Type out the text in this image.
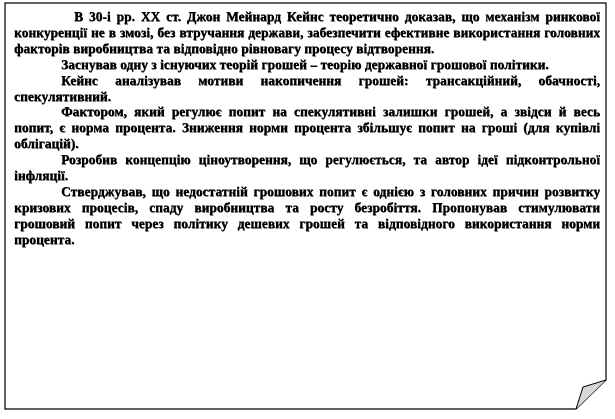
В 30-і рр. ХХ ст. Джон Мейнард Кейнс теоретично доказав, що механізм ринкової конкуренції не в змозі, без втручання держави, забезпечити ефективне використання головних факторів виробництва та відповідно рівновагу процесу відтворення.

Заснував одну з існуючих теорій грошей – теорію державної грошової політики.

Кейнс аналізував мотиви накопичення грошей: трансакційний, обачності, спекулятивний.

Фактором, який регулює попит на спекулятивні залишки грошей, а звідси й весь попит, є норма процента. Зниження норми процента збільшує попит на гроші (для купівлі облігацій).

Розробив концепцію ціноутворення, що регулюється, та автор ідеї підконтрольної інфляції.

Стверджував, що недостатній грошових попит є однією з головних причин розвитку кризових процесів, спаду виробництва та росту безробіття. Пропонував стимулювати грошовий попит через політику дешевих грошей та відповідного використання норми процента.
